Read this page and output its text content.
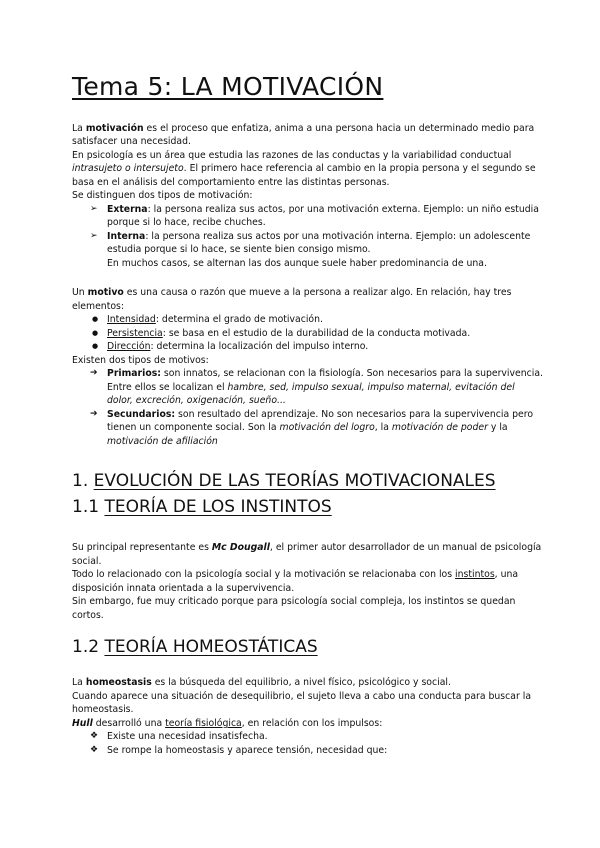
Tema 5: LA MOTIVACIÓN

La motivación es el proceso que enfatiza, anima a una persona hacia un determinado medio para

satisfacer una necesidad.

En psicología es un área que estudia las razones de las conductas y la variabilidad conductual

intrasujeto o intersujeto. El primero hace referencia al cambio en la propia persona y el segundo se

basa en el análisis del comportamiento entre las distintas personas.

Se distinguen dos tipos de motivación:

➢ Externa: la persona realiza sus actos, por una motivación externa. Ejemplo: un niño estudia

porque si lo hace, recibe chuches.

➢ Interna: la persona realiza sus actos por una motivación interna. Ejemplo: un adolescente

estudia porque si lo hace, se siente bien consigo mismo.

En muchos casos, se alternan las dos aunque suele haber predominancia de una.

Un motivo es una causa o razón que mueve a la persona a realizar algo. En relación, hay tres

elementos:

● Intensidad: determina el grado de motivación.

● Persistencia: se basa en el estudio de la durabilidad de la conducta motivada.

● Dirección: determina la localización del impulso interno.

Existen dos tipos de motivos:

➔ Primarios: son innatos, se relacionan con la fisiología. Son necesarios para la supervivencia.

Entre ellos se localizan el hambre, sed, impulso sexual, impulso maternal, evitación del

dolor, excreción, oxigenación, sueño...

➔ Secundarios: son resultado del aprendizaje. No son necesarios para la supervivencia pero

tienen un componente social. Son la motivación del logro, la motivación de poder y la

motivación de afiliación

1. EVOLUCIÓN DE LAS TEORÍAS MOTIVACIONALES
1.1 TEORÍA DE LOS INSTINTOS

Su principal representante es Mc Dougall, el primer autor desarrollador de un manual de psicología

social.

Todo lo relacionado con la psicología social y la motivación se relacionaba con los instintos, una

disposición innata orientada a la supervivencia.

Sin embargo, fue muy criticado porque para psicología social compleja, los instintos se quedan

cortos.

1.2 TEORÍA HOMEOSTÁTICAS

La homeostasis es la búsqueda del equilibrio, a nivel físico, psicológico y social.

Cuando aparece una situación de desequilibrio, el sujeto lleva a cabo una conducta para buscar la

homeostasis.

Hull desarrolló una teoría fisiológica, en relación con los impulsos:

❖ Existe una necesidad insatisfecha.

❖ Se rompe la homeostasis y aparece tensión, necesidad que:
